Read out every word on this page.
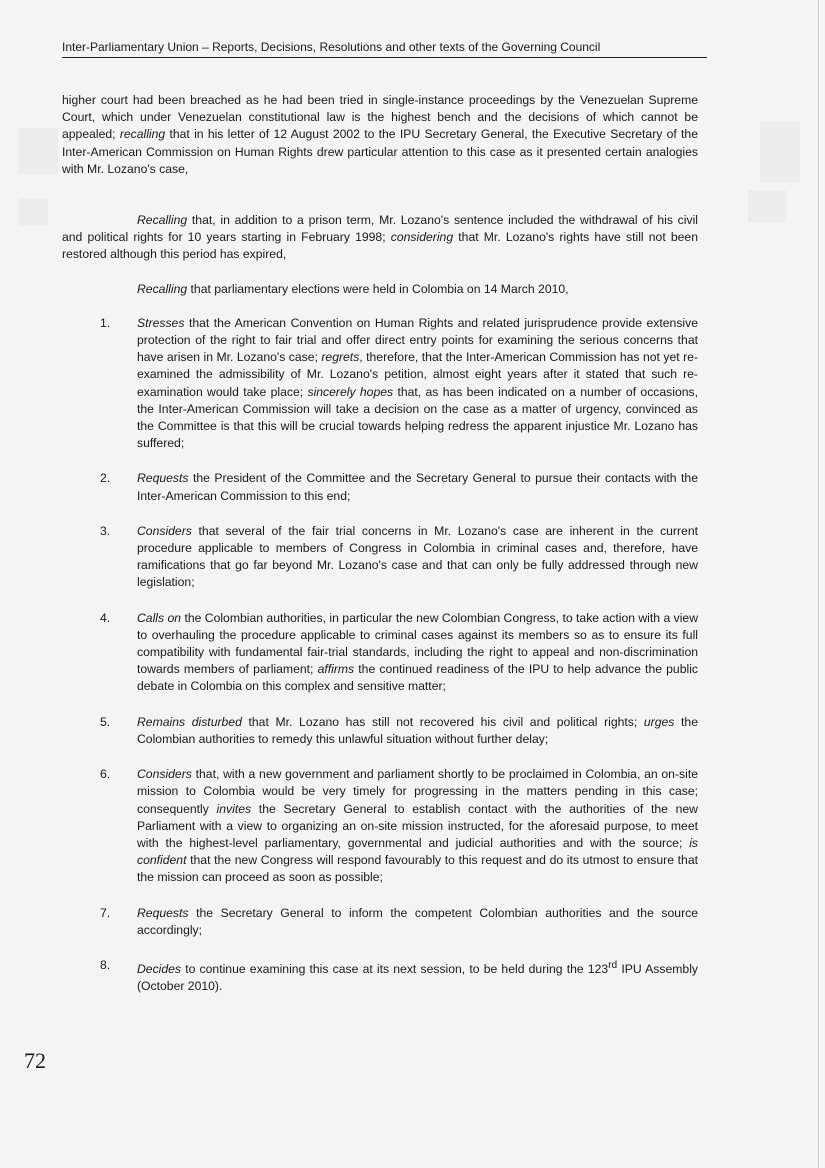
Inter-Parliamentary Union – Reports, Decisions, Resolutions and other texts of the Governing Council

higher court had been breached as he had been tried in single-instance proceedings by the Venezuelan Supreme Court, which under Venezuelan constitutional law is the highest bench and the decisions of which cannot be appealed; recalling that in his letter of 12 August 2002 to the IPU Secretary General, the Executive Secretary of the Inter-American Commission on Human Rights drew particular attention to this case as it presented certain analogies with Mr. Lozano's case,

Recalling that, in addition to a prison term, Mr. Lozano's sentence included the withdrawal of his civil and political rights for 10 years starting in February 1998; considering that Mr. Lozano's rights have still not been restored although this period has expired,

Recalling that parliamentary elections were held in Colombia on 14 March 2010,

1.	Stresses that the American Convention on Human Rights and related jurisprudence provide extensive protection of the right to fair trial and offer direct entry points for examining the serious concerns that have arisen in Mr. Lozano's case; regrets, therefore, that the Inter-American Commission has not yet re-examined the admissibility of Mr. Lozano's petition, almost eight years after it stated that such re-examination would take place; sincerely hopes that, as has been indicated on a number of occasions, the Inter-American Commission will take a decision on the case as a matter of urgency, convinced as the Committee is that this will be crucial towards helping redress the apparent injustice Mr. Lozano has suffered;
2.	Requests the President of the Committee and the Secretary General to pursue their contacts with the Inter-American Commission to this end;
3.	Considers that several of the fair trial concerns in Mr. Lozano's case are inherent in the current procedure applicable to members of Congress in Colombia in criminal cases and, therefore, have ramifications that go far beyond Mr. Lozano's case and that can only be fully addressed through new legislation;
4.	Calls on the Colombian authorities, in particular the new Colombian Congress, to take action with a view to overhauling the procedure applicable to criminal cases against its members so as to ensure its full compatibility with fundamental fair-trial standards, including the right to appeal and non-discrimination towards members of parliament; affirms the continued readiness of the IPU to help advance the public debate in Colombia on this complex and sensitive matter;
5.	Remains disturbed that Mr. Lozano has still not recovered his civil and political rights; urges the Colombian authorities to remedy this unlawful situation without further delay;
6.	Considers that, with a new government and parliament shortly to be proclaimed in Colombia, an on-site mission to Colombia would be very timely for progressing in the matters pending in this case; consequently invites the Secretary General to establish contact with the authorities of the new Parliament with a view to organizing an on-site mission instructed, for the aforesaid purpose, to meet with the highest-level parliamentary, governmental and judicial authorities and with the source; is confident that the new Congress will respond favourably to this request and do its utmost to ensure that the mission can proceed as soon as possible;
7.	Requests the Secretary General to inform the competent Colombian authorities and the source accordingly;
8.	Decides to continue examining this case at its next session, to be held during the 123rd IPU Assembly (October 2010).
72
